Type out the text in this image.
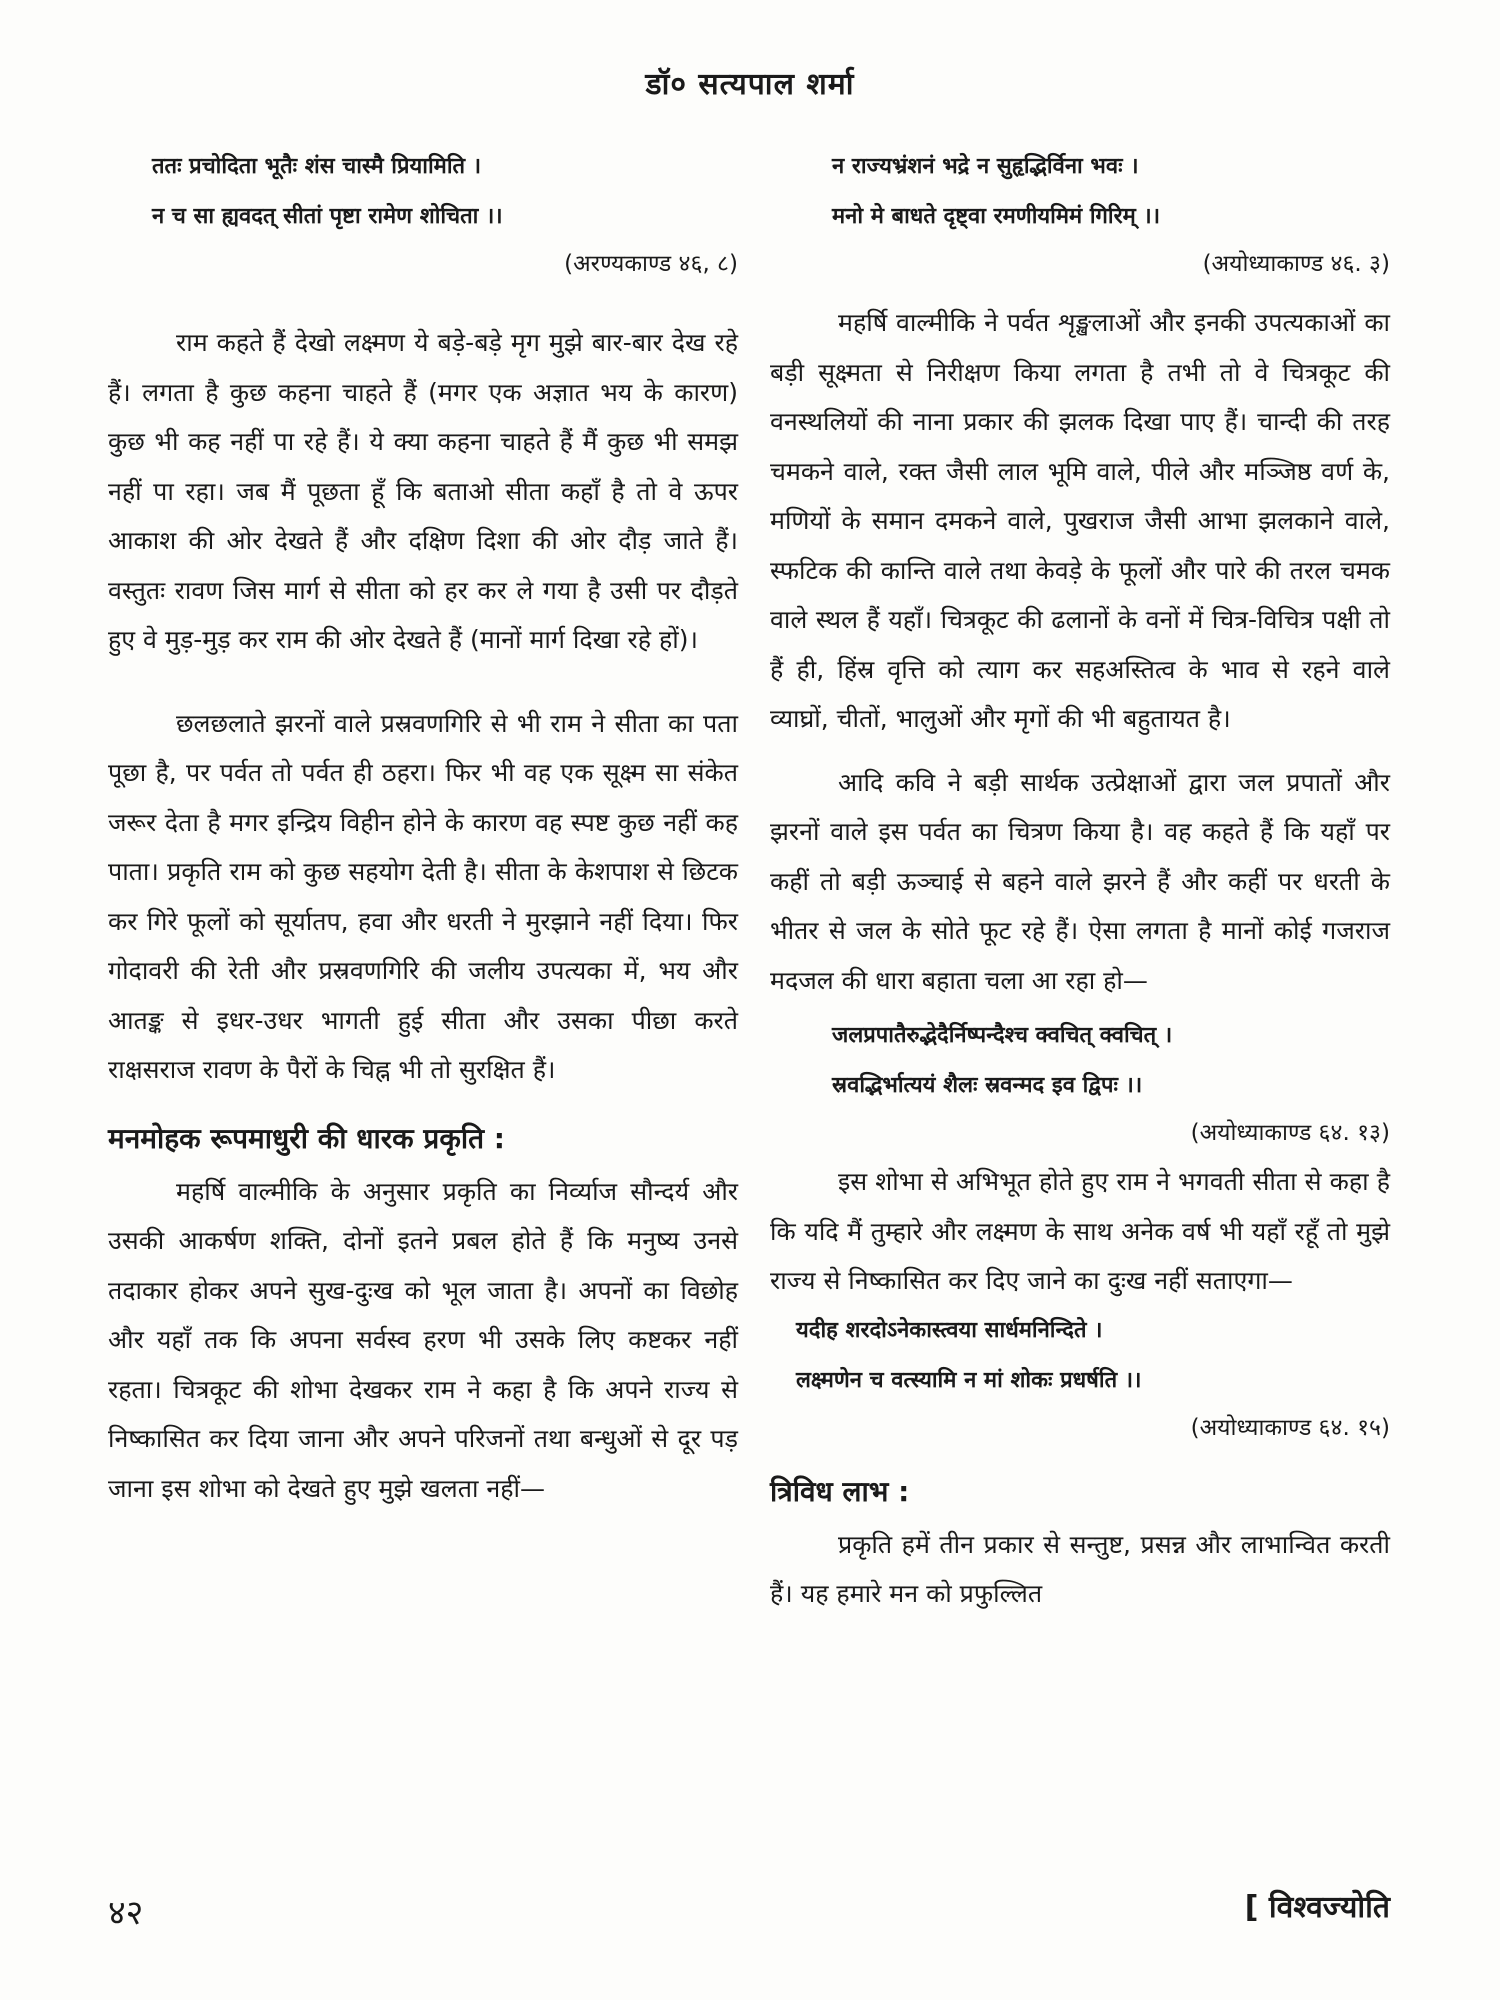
डॉ० सत्यपाल शर्मा
ततः प्रचोदिता भूतैः शंस चास्मै प्रियामिति ।
न च सा ह्यवदत् सीतां पृष्टा रामेण शोचिता ।।
(अरण्यकाण्ड ४६, ८)

राम कहते हैं देखो लक्ष्मण ये बड़े-बड़े मृग मुझे बार-बार देख रहे हैं। लगता है कुछ कहना चाहते हैं (मगर एक अज्ञात भय के कारण) कुछ भी कह नहीं पा रहे हैं। ये क्या कहना चाहते हैं मैं कुछ भी समझ नहीं पा रहा। जब मैं पूछता हूँ कि बताओ सीता कहाँ है तो वे ऊपर आकाश की ओर देखते हैं और दक्षिण दिशा की ओर दौड़ जाते हैं। वस्तुतः रावण जिस मार्ग से सीता को हर कर ले गया है उसी पर दौड़ते हुए वे मुड़-मुड़ कर राम की ओर देखते हैं (मानों मार्ग दिखा रहे हों)।

छलछलाते झरनों वाले प्रस्रवणगिरि से भी राम ने सीता का पता पूछा है, पर पर्वत तो पर्वत ही ठहरा। फिर भी वह एक सूक्ष्म सा संकेत जरूर देता है मगर इन्द्रिय विहीन होने के कारण वह स्पष्ट कुछ नहीं कह पाता। प्रकृति राम को कुछ सहयोग देती है। सीता के केशपाश से छिटक कर गिरे फूलों को सूर्यातप, हवा और धरती ने मुरझाने नहीं दिया। फिर गोदावरी की रेती और प्रस्रवणगिरि की जलीय उपत्यका में, भय और आतङ्क से इधर-उधर भागती हुई सीता और उसका पीछा करते राक्षसराज रावण के पैरों के चिह्न भी तो सुरक्षित हैं।

मनमोहक रूपमाधुरी की धारक प्रकृति :

महर्षि वाल्मीकि के अनुसार प्रकृति का निर्व्याज सौन्दर्य और उसकी आकर्षण शक्ति, दोनों इतने प्रबल होते हैं कि मनुष्य उनसे तदाकार होकर अपने सुख-दुःख को भूल जाता है। अपनों का विछोह और यहाँ तक कि अपना सर्वस्व हरण भी उसके लिए कष्टकर नहीं रहता। चित्रकूट की शोभा देखकर राम ने कहा है कि अपने राज्य से निष्कासित कर दिया जाना और अपने परिजनों तथा बन्धुओं से दूर पड़ जाना इस शोभा को देखते हुए मुझे खलता नहीं—

न राज्यभ्रंशनं भद्रे न सुहृद्भिर्विना भवः ।
मनो मे बाधते दृष्ट्वा रमणीयमिमं गिरिम् ।।
(अयोध्याकाण्ड ४६. ३)

महर्षि वाल्मीकि ने पर्वत शृङ्खलाओं और इनकी उपत्यकाओं का बड़ी सूक्ष्मता से निरीक्षण किया लगता है तभी तो वे चित्रकूट की वनस्थलियों की नाना प्रकार की झलक दिखा पाए हैं। चान्दी की तरह चमकने वाले, रक्त जैसी लाल भूमि वाले, पीले और मञ्जिष्ठ वर्ण के, मणियों के समान दमकने वाले, पुखराज जैसी आभा झलकाने वाले, स्फटिक की कान्ति वाले तथा केवड़े के फूलों और पारे की तरल चमक वाले स्थल हैं यहाँ। चित्रकूट की ढलानों के वनों में चित्र-विचित्र पक्षी तो हैं ही, हिंस्र वृत्ति को त्याग कर सहअस्तित्व के भाव से रहने वाले व्याघ्रों, चीतों, भालुओं और मृगों की भी बहुतायत है।

आदि कवि ने बड़ी सार्थक उत्प्रेक्षाओं द्वारा जल प्रपातों और झरनों वाले इस पर्वत का चित्रण किया है। वह कहते हैं कि यहाँ पर कहीं तो बड़ी ऊञ्चाई से बहने वाले झरने हैं और कहीं पर धरती के भीतर से जल के सोते फूट रहे हैं। ऐसा लगता है मानों कोई गजराज मदजल की धारा बहाता चला आ रहा हो—

जलप्रपातैरुद्भेदैर्निष्पन्दैश्च क्वचित् क्वचित् ।
स्रवद्भिर्भात्ययं शैलः स्रवन्मद इव द्विपः ।।
(अयोध्याकाण्ड ६४. १३)

इस शोभा से अभिभूत होते हुए राम ने भगवती सीता से कहा है कि यदि मैं तुम्हारे और लक्ष्मण के साथ अनेक वर्ष भी यहाँ रहूँ तो मुझे राज्य से निष्कासित कर दिए जाने का दुःख नहीं सताएगा—

यदीह शरदोऽनेकास्त्वया सार्धमनिन्दिते ।
लक्ष्मणेन च वत्स्यामि न मां शोकः प्रधर्षति ।।
(अयोध्याकाण्ड ६४. १५)
त्रिविध लाभ :

प्रकृति हमें तीन प्रकार से सन्तुष्ट, प्रसन्न और लाभान्वित करती हैं। यह हमारे मन को प्रफुल्लित

४२	[ विश्वज्योति
